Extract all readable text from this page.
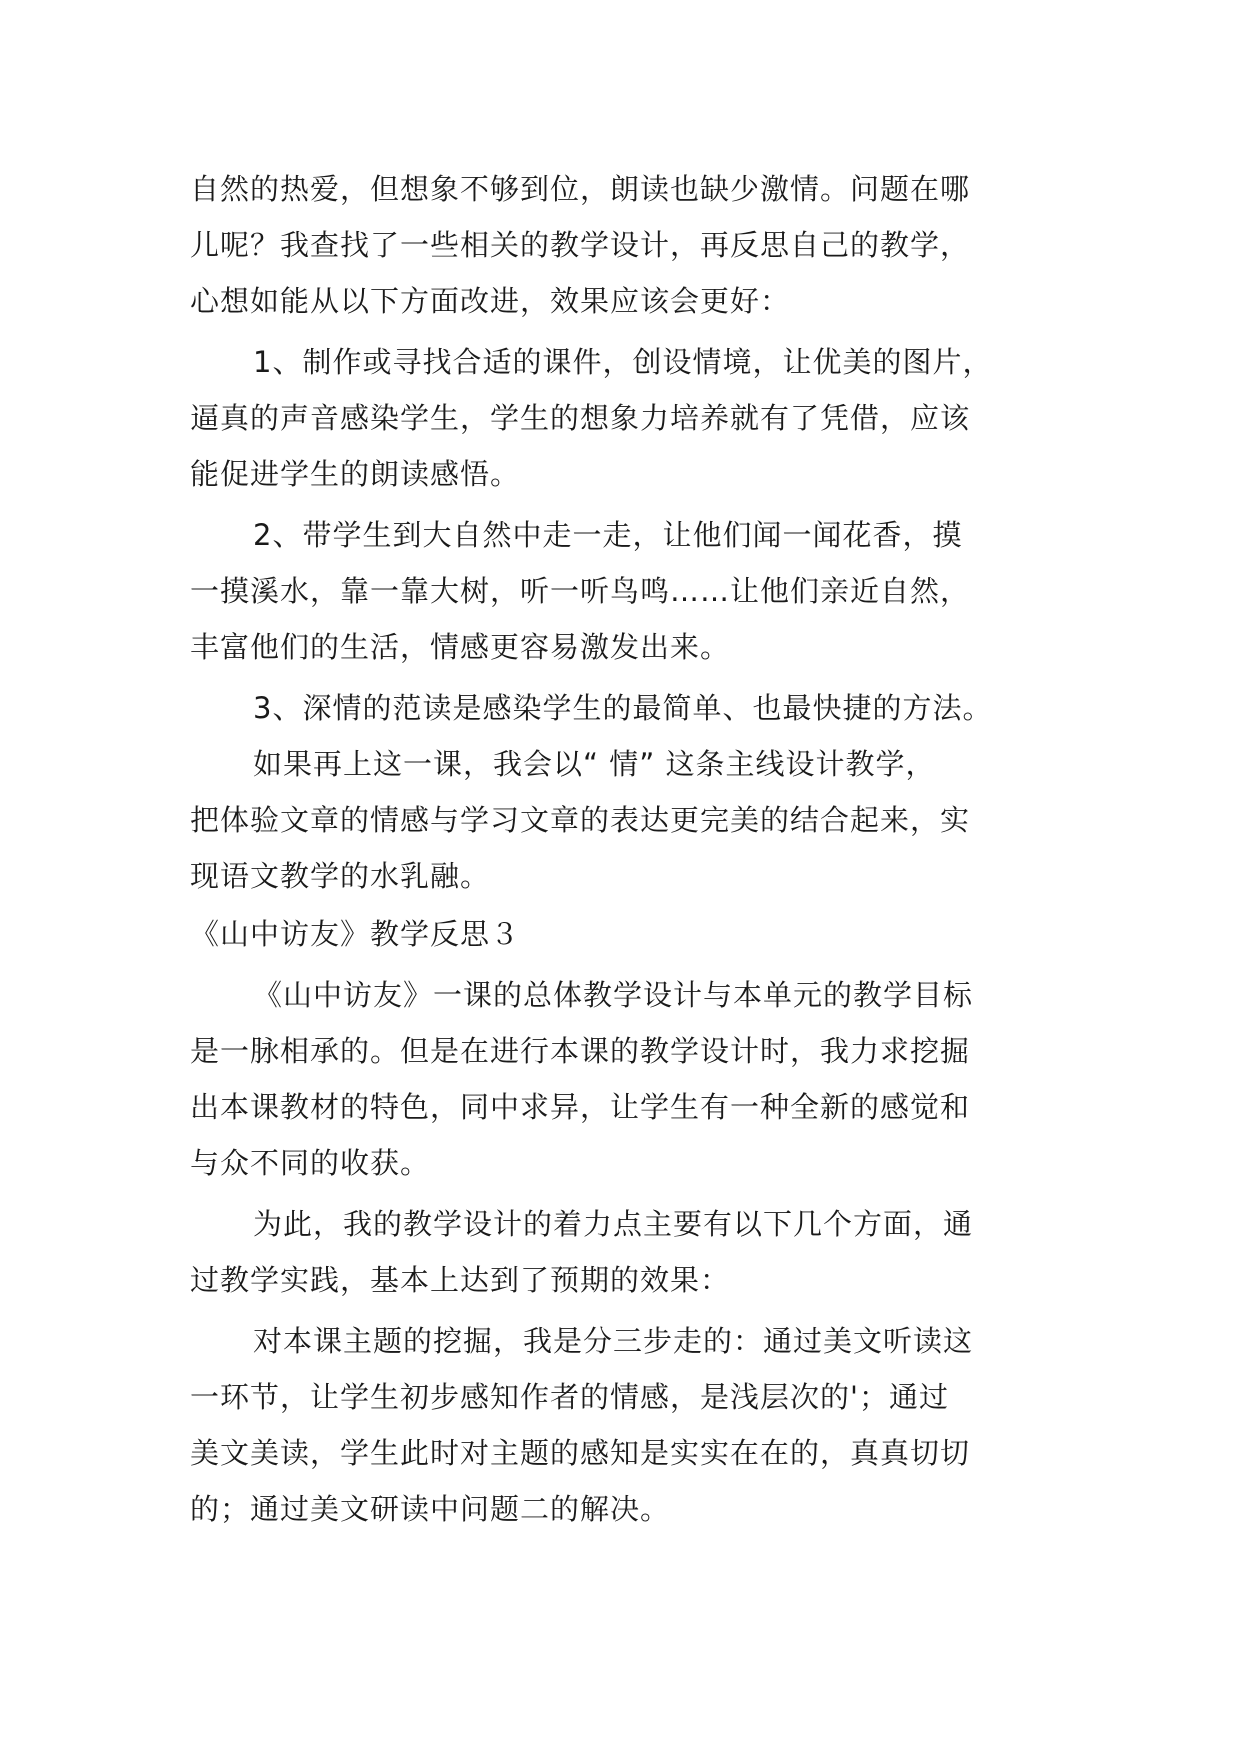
自然的热爱，但想象不够到位，朗读也缺少激情。问题在哪
儿呢？我查找了一些相关的教学设计，再反思自己的教学，
心想如能从以下方面改进，效果应该会更好：
1、制作或寻找合适的课件，创设情境，让优美的图片，
逼真的声音感染学生，学生的想象力培养就有了凭借，应该
能促进学生的朗读感悟。
2、带学生到大自然中走一走，让他们闻一闻花香，摸
一摸溪水，靠一靠大树，听一听鸟鸣……让他们亲近自然，
丰富他们的生活，情感更容易激发出来。
3、深情的范读是感染学生的最简单、也最快捷的方法。
如果再上这一课，我会以“ 情” 这条主线设计教学，
把体验文章的情感与学习文章的表达更完美的结合起来，实
现语文教学的水乳融。
《山中访友》教学反思３
《山中访友》一课的总体教学设计与本单元的教学目标
是一脉相承的。但是在进行本课的教学设计时，我力求挖掘
出本课教材的特色，同中求异，让学生有一种全新的感觉和
与众不同的收获。
为此，我的教学设计的着力点主要有以下几个方面，通
过教学实践，基本上达到了预期的效果：
对本课主题的挖掘，我是分三步走的：通过美文听读这
一环节，让学生初步感知作者的情感，是浅层次的'；通过
美文美读，学生此时对主题的感知是实实在在的，真真切切
的；通过美文研读中问题二的解决。
